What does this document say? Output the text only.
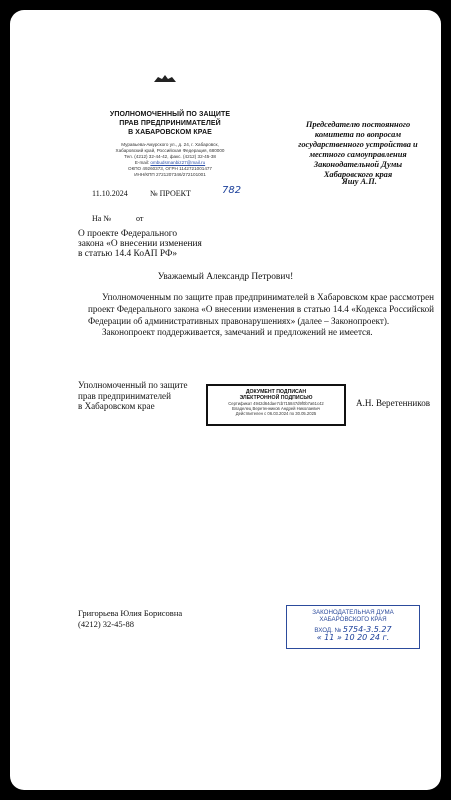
УПОЛНОМОЧЕННЫЙ ПО ЗАЩИТЕ
ПРАВ ПРЕДПРИНИМАТЕЛЕЙ
В ХАБАРОВСКОМ КРАЕ
Муравьева-Амурского ул., д. 24, г. Хабаровск,
Хабаровский край, Российская Федерация, 680000
Тел. (4212) 32-44-42, факс. (4212) 32-45-38
E-mail: ombudsmanbiz27@mail.ru
ОКПО 49260373, ОГРН 1142721001477
ИНН/КПП 2721207346/272101001
Председателю постоянного
комитета по вопросам
государственного устройства и
местного самоуправления
Законодательной Думы
Хабаровского края
Яшу А.П.
11.10.2024	№ ПРОЕКТ	782
На №	от
О проекте Федерального
закона «О внесении изменения
в статью 14.4 КоАП РФ»
Уважаемый Александр Петрович!

Уполномоченным по защите прав предпринимателей в Хабаровском крае рассмотрен проект Федерального закона «О внесении изменения в статью 14.4 «Кодекса Российской Федерации об административных правонарушениях» (далее – Законопроект).

Законопроект поддерживается, замечаний и предложений не имеется.

Уполномоченный по защите
прав предпринимателей
в Хабаровском крае
ДОКУМЕНТ ПОДПИСАН
ЭЛЕКТРОННОЙ ПОДПИСЬЮ
Сертификат 4942d64dae7cb715847d9f0b7a61c42
Владелец Веретенников Андрей Николаевич
Действителен с 06.03.2024 по 30.05.2025
А.Н. Веретенников
Григорьева Юлия Борисовна
(4212) 32-45-88
ЗАКОНОДАТЕЛЬНАЯ ДУМА
ХАБАРОВСКОГО КРАЯ
ВХОД. № 5754-3.5.27
« 11 » 10 20 24 г.
